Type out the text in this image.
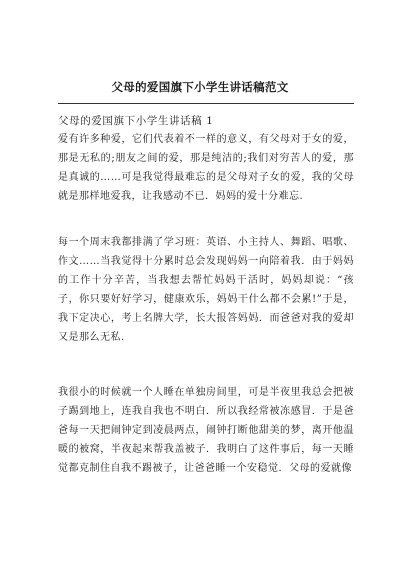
父母的爱国旗下小学生讲话稿范文
父母的爱国旗下小学生讲话稿 1

爱有许多种爱，它们代表着不一样的意义，有父母对于女的爱，那是无私的;朋友之间的爱，那是纯洁的;我们对穷苦人的爱，那是真诚的……可是我觉得最难忘的是父母对子女的爱，我的父母就是那样地爱我，让我感动不已．妈妈的爱十分难忘.

每一个周末我都排满了学习班：英语、小主持人、舞蹈、唱歌、作文……当我觉得十分累时总会发现妈妈一向陪着我．由于妈妈的工作十分辛苦，当我想去帮忙妈妈干活时，妈妈却说：“孩子，你只要好好学习，健康欢乐，妈妈干什么都不会累!”于是，我下定决心，考上名牌大学，长大报答妈妈．而爸爸对我的爱却又是那么无私.

我很小的时候就一个人睡在单独房间里，可是半夜里我总会把被子踢到地上，连我自我也不明白．所以我经常被冻感冒．于是爸爸每一天把闹钟定到凌晨两点，闹钟打断他甜美的梦，离开他温暖的被窝，半夜起来帮我盖被子．我明白了这件事后，每一天睡觉都克制住自我不踢被子，让爸爸睡一个安稳觉．父母的爱就像
